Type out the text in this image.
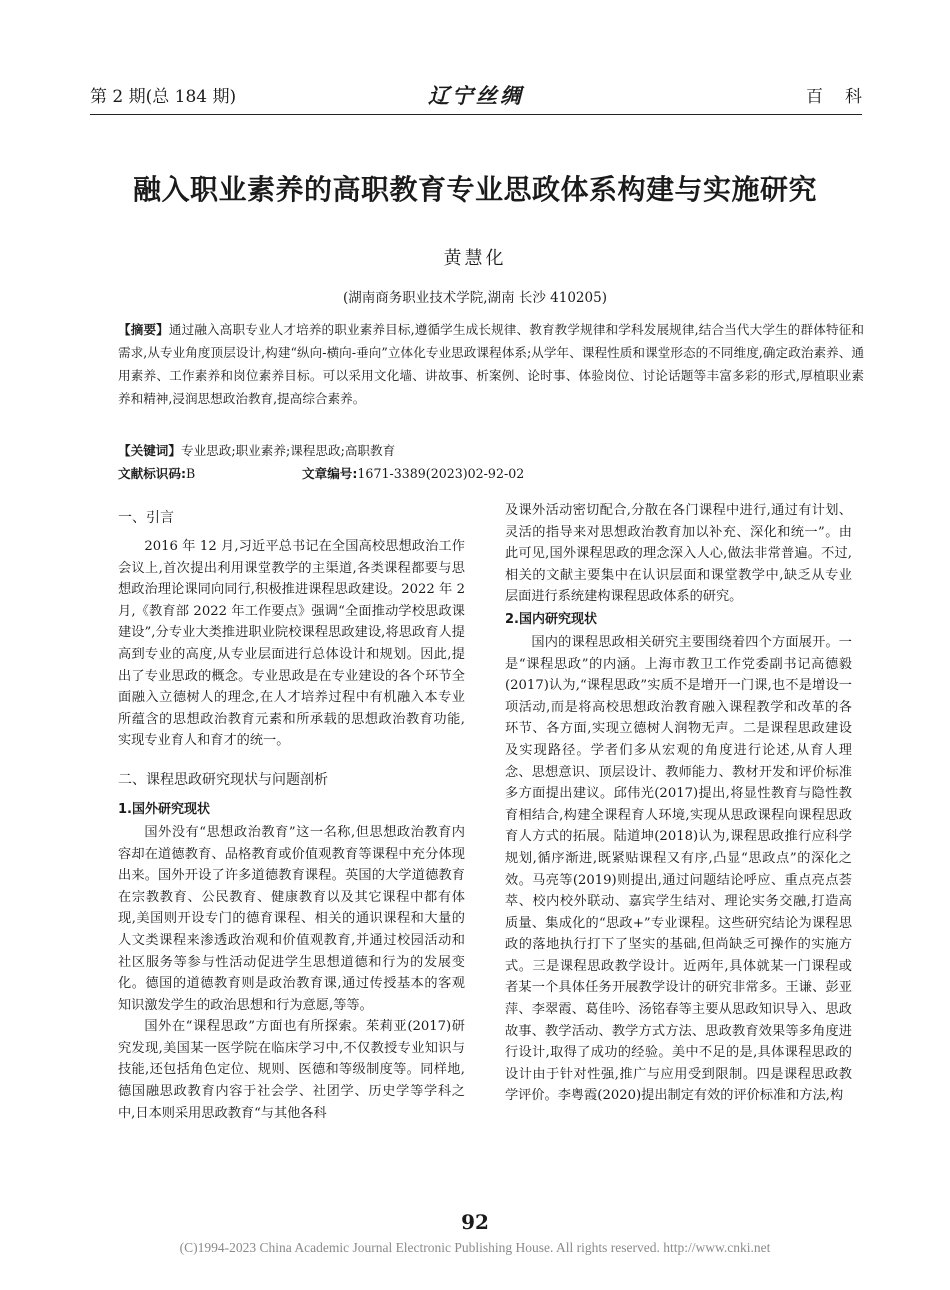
第 2 期(总 184 期)	辽宁丝绸	百科
融入职业素养的高职教育专业思政体系构建与实施研究
黄慧化
(湖南商务职业技术学院,湖南 长沙 410205)
【摘要】通过融入高职专业人才培养的职业素养目标,遵循学生成长规律、教育教学规律和学科发展规律,结合当代大学生的群体特征和需求,从专业角度顶层设计,构建“纵向-横向-垂向”立体化专业思政课程体系;从学年、课程性质和课堂形态的不同维度,确定政治素养、通用素养、工作素养和岗位素养目标。可以采用文化墙、讲故事、析案例、论时事、体验岗位、讨论话题等丰富多彩的形式,厚植职业素养和精神,浸润思想政治教育,提高综合素养。
【关键词】专业思政;职业素养;课程思政;高职教育
文献标识码:B	文章编号:1671-3389(2023)02-92-02
一、引言

2016 年 12 月,习近平总书记在全国高校思想政治工作会议上,首次提出利用课堂教学的主渠道,各类课程都要与思想政治理论课同向同行,积极推进课程思政建设。2022 年 2 月,《教育部 2022 年工作要点》强调“全面推动学校思政课建设”,分专业大类推进职业院校课程思政建设,将思政育人提高到专业的高度,从专业层面进行总体设计和规划。因此,提出了专业思政的概念。专业思政是在专业建设的各个环节全面融入立德树人的理念,在人才培养过程中有机融入本专业所蕴含的思想政治教育元素和所承载的思想政治教育功能,实现专业育人和育才的统一。

二、课程思政研究现状与问题剖析
1.国外研究现状

国外没有“思想政治教育”这一名称,但思想政治教育内容却在道德教育、品格教育或价值观教育等课程中充分体现出来。国外开设了许多道德教育课程。英国的大学道德教育在宗教教育、公民教育、健康教育以及其它课程中都有体现,美国则开设专门的德育课程、相关的通识课程和大量的人文类课程来渗透政治观和价值观教育,并通过校园活动和社区服务等参与性活动促进学生思想道德和行为的发展变化。德国的道德教育则是政治教育课,通过传授基本的客观知识激发学生的政治思想和行为意愿,等等。

国外在“课程思政”方面也有所探索。茱莉亚(2017)研究发现,美国某一医学院在临床学习中,不仅教授专业知识与技能,还包括角色定位、规则、医德和等级制度等。同样地,德国融思政教育内容于社会学、社团学、历史学等学科之中,日本则采用思政教育“与其他各科

及课外活动密切配合,分散在各门课程中进行,通过有计划、灵活的指导来对思想政治教育加以补充、深化和统一”。由此可见,国外课程思政的理念深入人心,做法非常普遍。不过,相关的文献主要集中在认识层面和课堂教学中,缺乏从专业层面进行系统建构课程思政体系的研究。

2.国内研究现状

国内的课程思政相关研究主要围绕着四个方面展开。一是“课程思政”的内涵。上海市教卫工作党委副书记高德毅(2017)认为,“课程思政”实质不是增开一门课,也不是增设一项活动,而是将高校思想政治教育融入课程教学和改革的各环节、各方面,实现立德树人润物无声。二是课程思政建设及实现路径。学者们多从宏观的角度进行论述,从育人理念、思想意识、顶层设计、教师能力、教材开发和评价标准多方面提出建议。邱伟光(2017)提出,将显性教育与隐性教育相结合,构建全课程育人环境,实现从思政课程向课程思政育人方式的拓展。陆道坤(2018)认为,课程思政推行应科学规划,循序渐进,既紧贴课程又有序,凸显“思政点”的深化之效。马亮等(2019)则提出,通过问题结论呼应、重点亮点荟萃、校内校外联动、嘉宾学生结对、理论实务交融,打造高质量、集成化的“思政+”专业课程。这些研究结论为课程思政的落地执行打下了坚实的基础,但尚缺乏可操作的实施方式。三是课程思政教学设计。近两年,具体就某一门课程或者某一个具体任务开展教学设计的研究非常多。王谦、彭亚萍、李翠霞、葛佳吟、汤铭春等主要从思政知识导入、思政故事、教学活动、教学方式方法、思政教育效果等多角度进行设计,取得了成功的经验。美中不足的是,具体课程思政的设计由于针对性强,推广与应用受到限制。四是课程思政教学评价。李粤霞(2020)提出制定有效的评价标准和方法,构

92
(C)1994-2023 China Academic Journal Electronic Publishing House. All rights reserved. http://www.cnki.net
